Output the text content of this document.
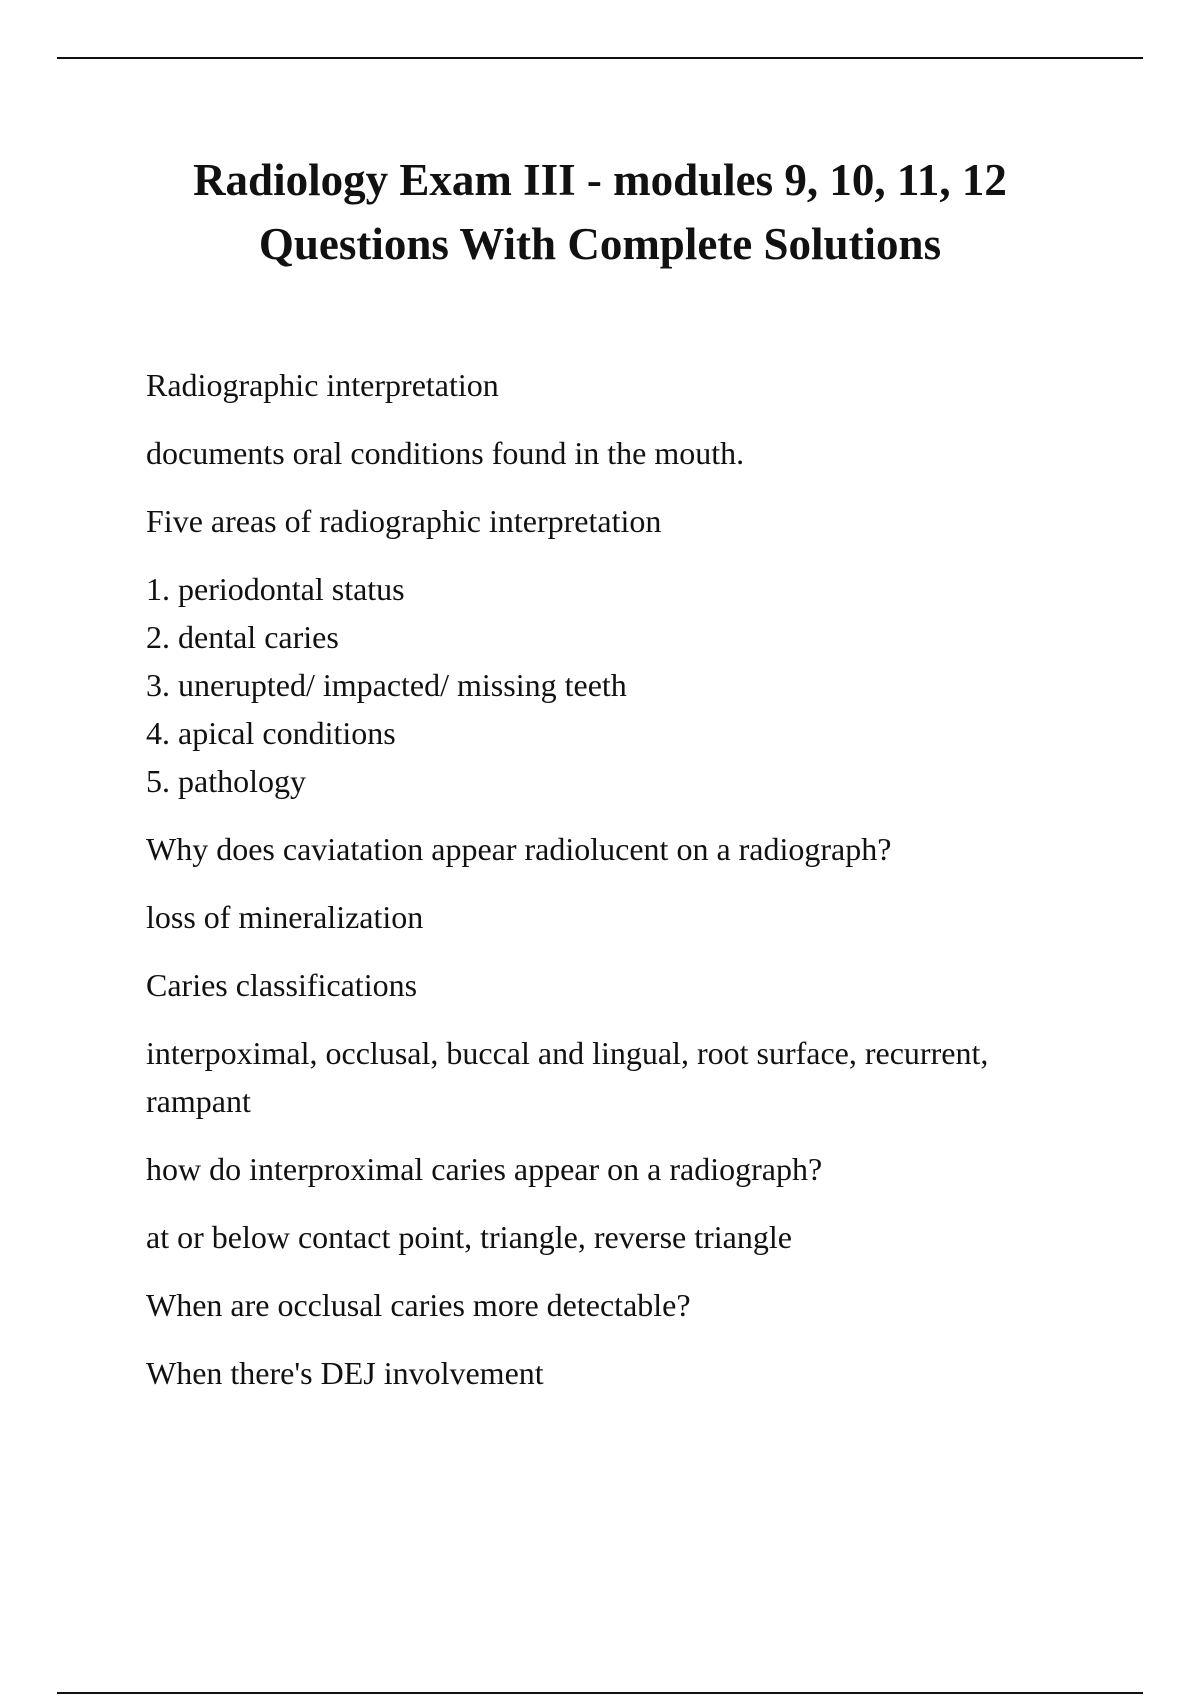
Radiology Exam III - modules 9, 10, 11, 12
Questions With Complete Solutions

Radiographic interpretation

documents oral conditions found in the mouth.

Five areas of radiographic interpretation

1. periodontal status
2. dental caries
3. unerupted/ impacted/ missing teeth
4. apical conditions
5. pathology

Why does caviatation appear radiolucent on a radiograph?

loss of mineralization

Caries classifications

interpoximal, occlusal, buccal and lingual, root surface, recurrent, rampant

how do interproximal caries appear on a radiograph?

at or below contact point, triangle, reverse triangle

When are occlusal caries more detectable?

When there's DEJ involvement
